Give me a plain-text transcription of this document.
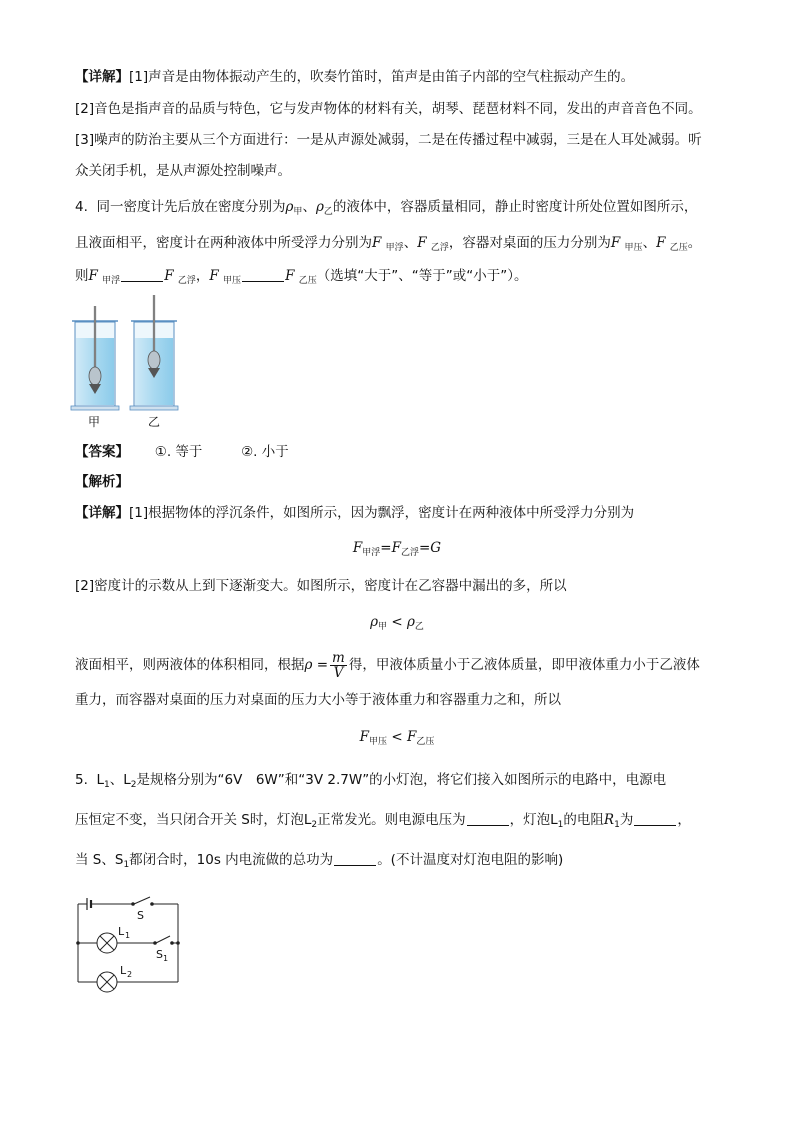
【详解】[1]声音是由物体振动产生的，吹奏竹笛时，笛声是由笛子内部的空气柱振动产生的。
[2]音色是指声音的品质与特色，它与发声物体的材料有关，胡琴、琵琶材料不同，发出的声音音色不同。
[3]噪声的防治主要从三个方面进行：一是从声源处减弱，二是在传播过程中减弱，三是在人耳处减弱。听
众关闭手机，是从声源处控制噪声。
4. 同一密度计先后放在密度分别为$\rho_甲$、$\rho_乙$的液体中，容器质量相同，静止时密度计所处位置如图所示，
且液面相平，密度计在两种液体中所受浮力分别为F $_{甲浮}$、F $_{乙浮}$，容器对桌面的压力分别为F $_{甲压}$、F $_{乙压}$。
则F $_{甲浮}$	F $_{乙浮}$，F $_{甲压}$	F $_{乙压}$（选填“大于”、“等于”或“小于”）。
甲	乙
【答案】 ①. 等于	②. 小于
【解析】
【详解】[1]根据物体的浮沉条件，如图所示，因为飘浮，密度计在两种液体中所受浮力分别为
$F_{甲浮}=F_{乙浮}=G$
[2]密度计的示数从上到下逐渐变大。如图所示，密度计在乙容器中漏出的多，所以
$\rho_甲 < \rho_乙$
液面相平，则两液体的体积相同，根据$\rho = \frac{m}{V}$ 得，甲液体质量小于乙液体质量，即甲液体重力小于乙液体
重力，而容器对桌面的压力对桌面的压力大小等于液体重力和容器重力之和，所以
$F_{甲压} < F_{乙压}$
5. $L_1$、$L_2$是规格分别为“6V　6W”和“3V 2.7W”的小灯泡，将它们接入如图所示的电路中，电源电
压恒定不变，当只闭合开关 S时，灯泡$L_2$正常发光。则电源电压为	，灯泡$L_1$的电阻$R_1$为	，
当 S、$S_1$都闭合时，10s 内电流做的总功为	。(不计温度对灯泡电阻的影响)
S
L 1
S 1
L 2
